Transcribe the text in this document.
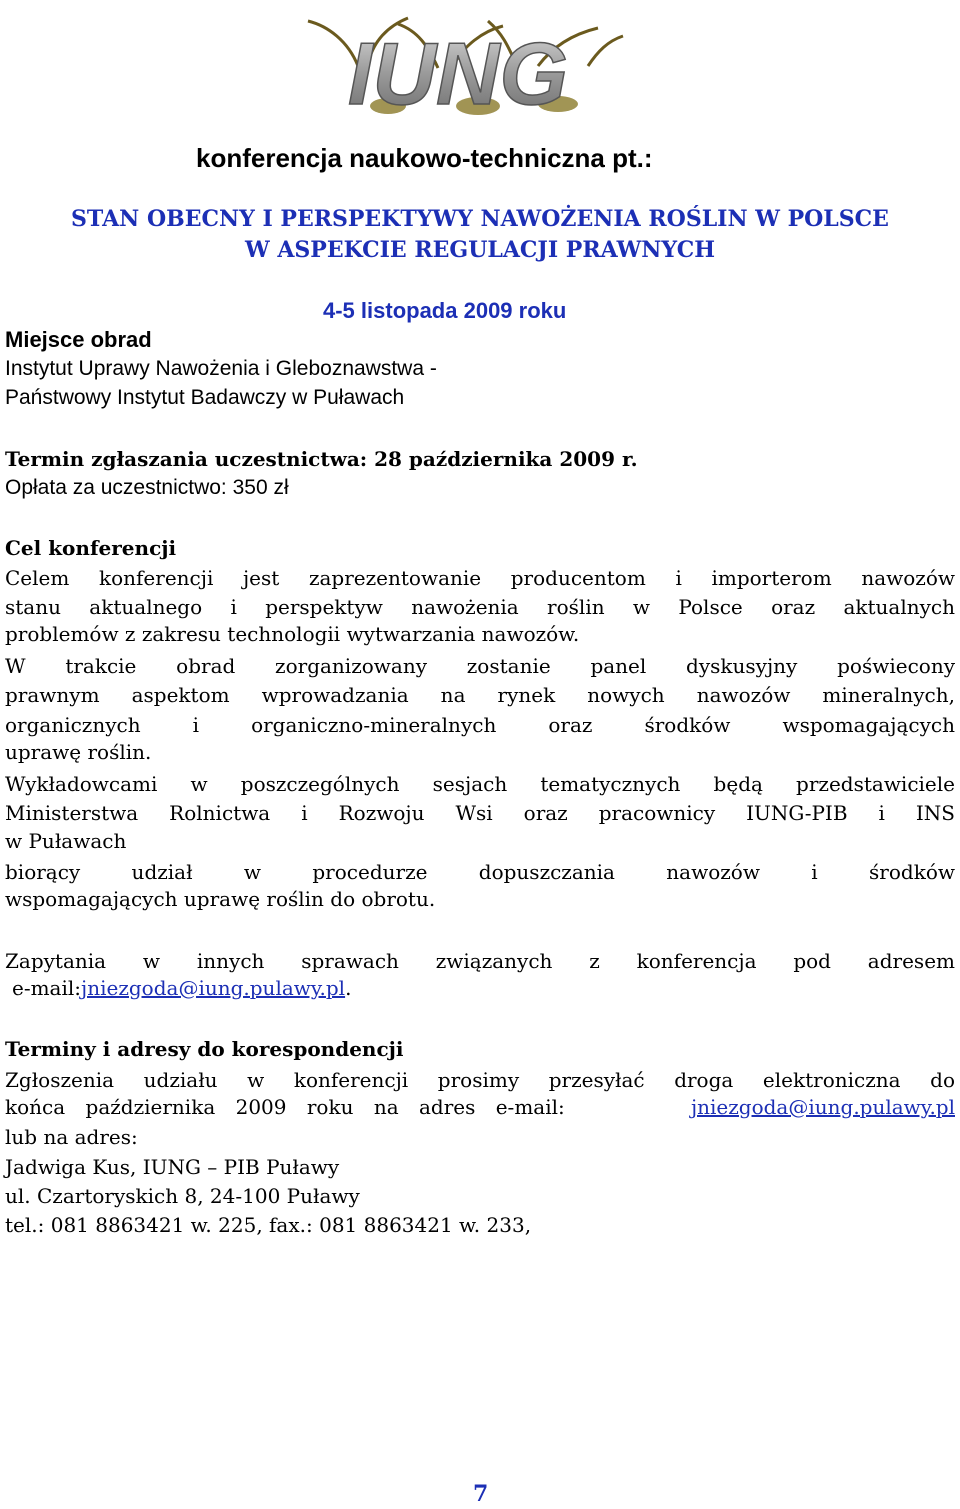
IUNG

konferencja naukowo-techniczna pt.:

STAN OBECNY I PERSPEKTYWY NAWOŻENIA ROŚLIN W POLSCE

W ASPEKCIE REGULACJI PRAWNYCH

4-5 listopada 2009 roku

Miejsce obrad

Instytut Uprawy Nawożenia i Gleboznawstwa -

Państwowy Instytut Badawczy w Puławach

Termin zgłaszania uczestnictwa: 28 października 2009 r.

Opłata za uczestnictwo: 350 zł

Cel konferencji

Celem konferencji jest zaprezentowanie producentom i importerom nawozów

stanu aktualnego i perspektyw nawożenia roślin w Polsce oraz aktualnych

problemów z zakresu technologii wytwarzania nawozów.

W trakcie obrad zorganizowany zostanie panel dyskusyjny poświecony

prawnym aspektom wprowadzania na rynek nowych nawozów mineralnych,

organicznych i organiczno-mineralnych oraz środków wspomagających

uprawę roślin.

Wykładowcami w poszczególnych sesjach tematycznych będą przedstawiciele

Ministerstwa Rolnictwa i Rozwoju Wsi oraz pracownicy IUNG-PIB i INS

w Puławach

biorący udział w procedurze dopuszczania nawozów i środków

wspomagających uprawę roślin do obrotu.

Zapytania w innych sprawach związanych z konferencja pod adresem

e-mail:jniezgoda@iung.pulawy.pl.

Terminy i adresy do korespondencji

Zgłoszenia udziału w konferencji prosimy przesyłać droga elektroniczna do

końca października 2009 roku na adres e-mail:	jniezgoda@iung.pulawy.pl

lub na adres:

Jadwiga Kus, IUNG – PIB Puławy

ul. Czartoryskich 8, 24-100 Puławy

tel.: 081 8863421 w. 225, fax.: 081 8863421 w. 233,

7
